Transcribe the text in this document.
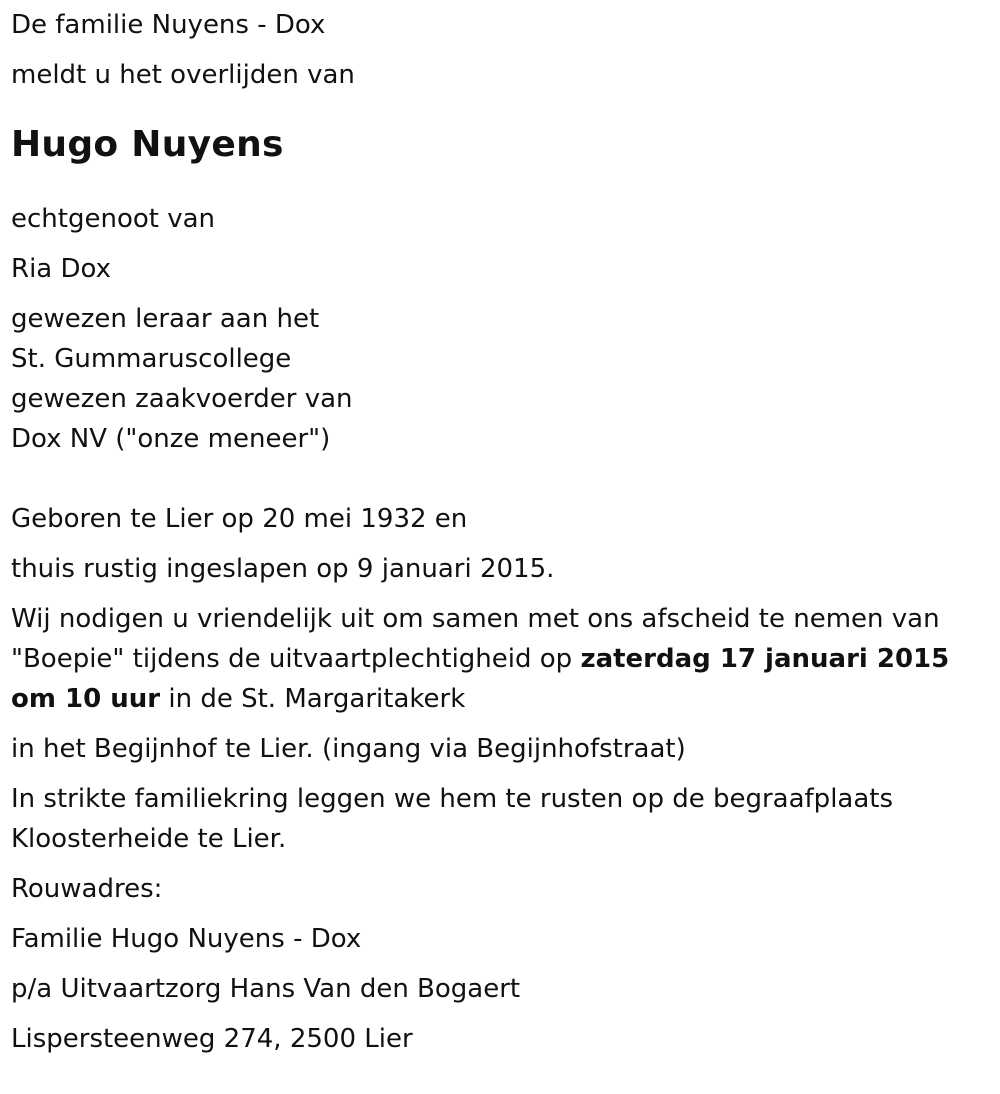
De familie Nuyens - Dox

meldt u het overlijden van

Hugo Nuyens

echtgenoot van

Ria Dox

gewezen leraar aan het

St. Gummaruscollege

gewezen zaakvoerder van

Dox NV ("onze meneer")

Geboren te Lier op 20 mei 1932 en

thuis rustig ingeslapen op 9 januari 2015.

Wij nodigen u vriendelijk uit om samen met ons afscheid te nemen van "Boepie" tijdens de uitvaartplechtigheid op zaterdag 17 januari 2015 om 10 uur in de St. Margaritakerk

in het Begijnhof te Lier. (ingang via Begijnhofstraat)

In strikte familiekring leggen we hem te rusten op de begraafplaats Kloosterheide te Lier.

Rouwadres:

Familie Hugo Nuyens - Dox

p/a Uitvaartzorg Hans Van den Bogaert

Lispersteenweg 274, 2500 Lier
